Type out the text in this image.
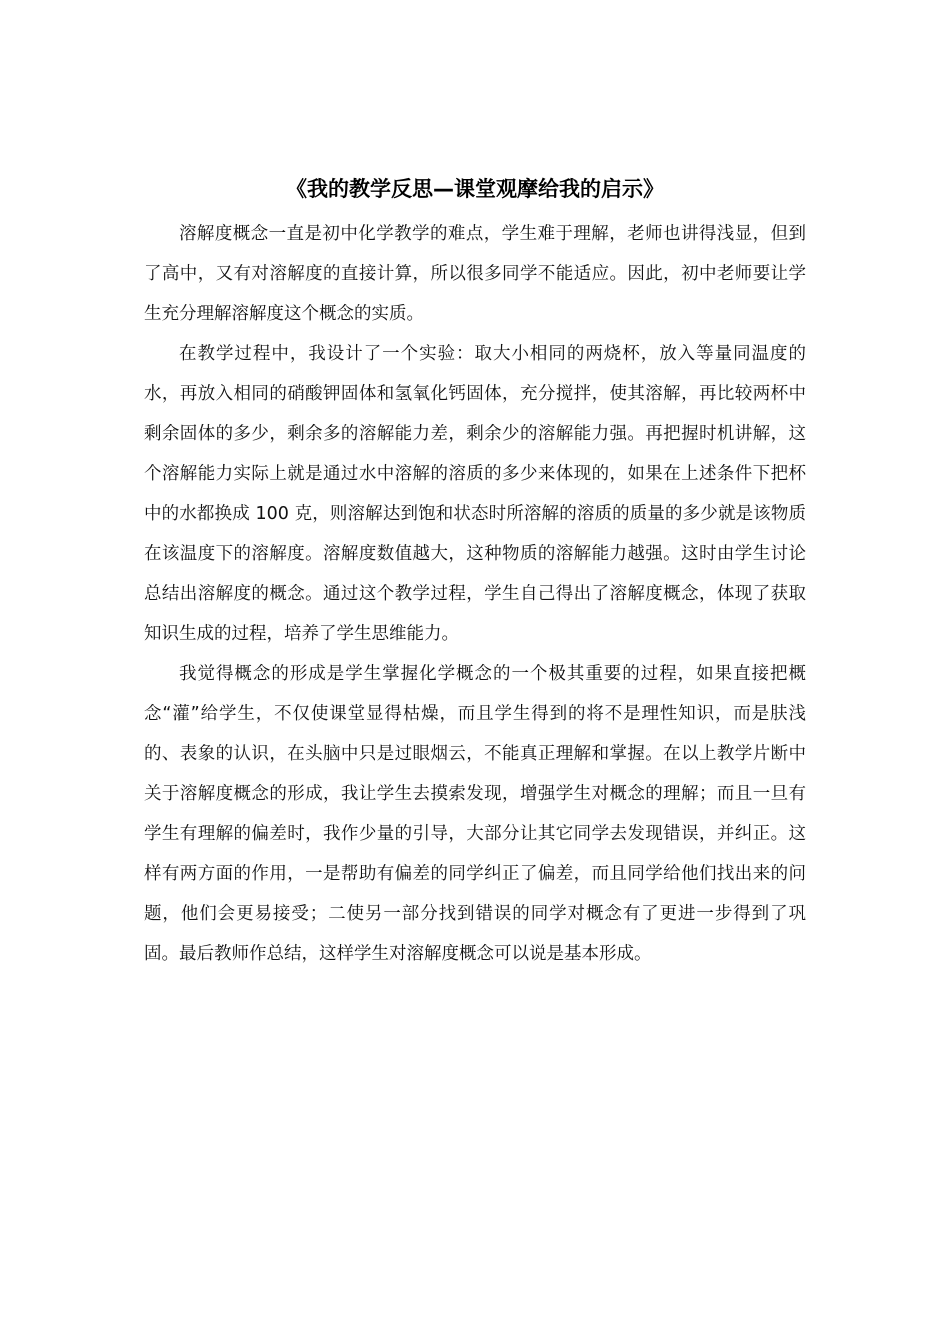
《我的教学反思—课堂观摩给我的启示》

溶解度概念一直是初中化学教学的难点，学生难于理解，老师也讲得浅显，但到了高中，又有对溶解度的直接计算，所以很多同学不能适应。因此，初中老师要让学生充分理解溶解度这个概念的实质。

在教学过程中，我设计了一个实验：取大小相同的两烧杯，放入等量同温度的水，再放入相同的硝酸钾固体和氢氧化钙固体，充分搅拌，使其溶解，再比较两杯中剩余固体的多少，剩余多的溶解能力差，剩余少的溶解能力强。再把握时机讲解，这个溶解能力实际上就是通过水中溶解的溶质的多少来体现的，如果在上述条件下把杯中的水都换成 100 克，则溶解达到饱和状态时所溶解的溶质的质量的多少就是该物质在该温度下的溶解度。溶解度数值越大，这种物质的溶解能力越强。这时由学生讨论总结出溶解度的概念。通过这个教学过程，学生自己得出了溶解度概念，体现了获取知识生成的过程，培养了学生思维能力。

我觉得概念的形成是学生掌握化学概念的一个极其重要的过程，如果直接把概念“灌”给学生，不仅使课堂显得枯燥，而且学生得到的将不是理性知识，而是肤浅的、表象的认识，在头脑中只是过眼烟云，不能真正理解和掌握。在以上教学片断中关于溶解度概念的形成，我让学生去摸索发现，增强学生对概念的理解；而且一旦有学生有理解的偏差时，我作少量的引导，大部分让其它同学去发现错误，并纠正。这样有两方面的作用，一是帮助有偏差的同学纠正了偏差，而且同学给他们找出来的问题，他们会更易接受；二使另一部分找到错误的同学对概念有了更进一步得到了巩固。最后教师作总结，这样学生对溶解度概念可以说是基本形成。
